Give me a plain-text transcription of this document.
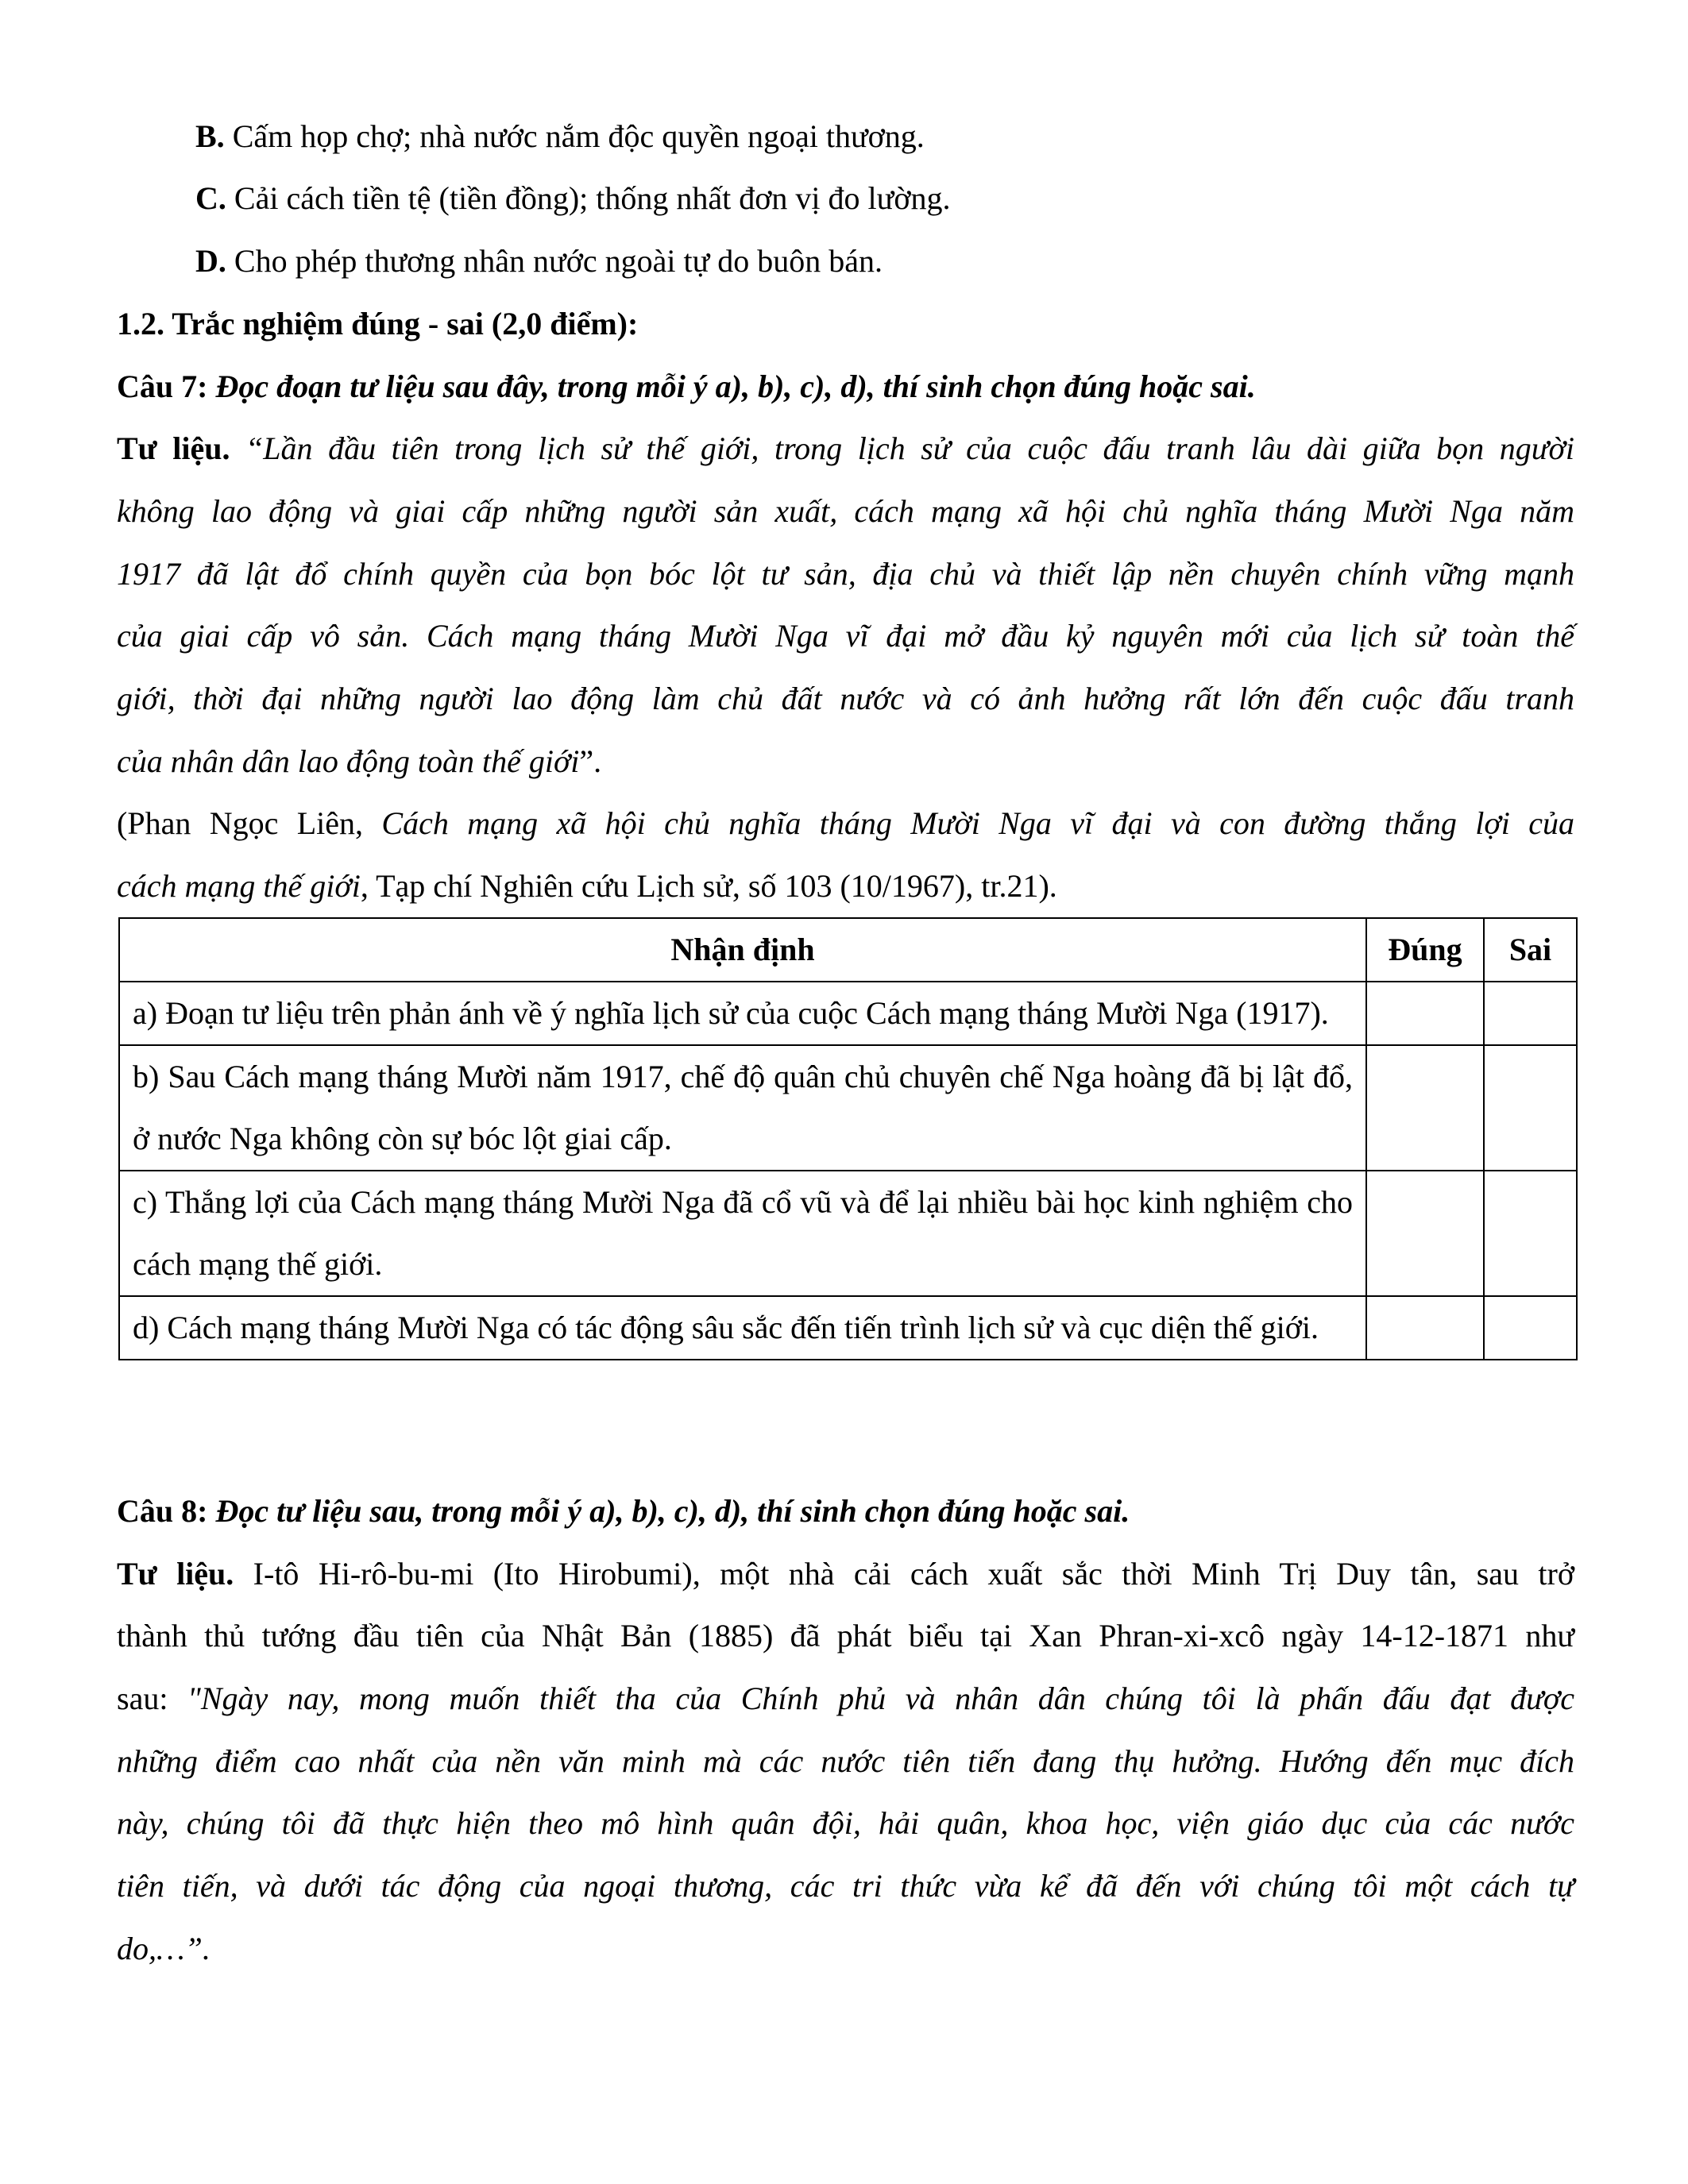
B. Cấm họp chợ; nhà nước nắm độc quyền ngoại thương.
C. Cải cách tiền tệ (tiền đồng); thống nhất đơn vị đo lường.
D. Cho phép thương nhân nước ngoài tự do buôn bán.
1.2. Trắc nghiệm đúng - sai (2,0 điểm):
Câu 7: Đọc đoạn tư liệu sau đây, trong mỗi ý a), b), c), d), thí sinh chọn đúng hoặc sai.
Tư liệu. “Lần đầu tiên trong lịch sử thế giới, trong lịch sử của cuộc đấu tranh lâu dài giữa bọn người
không lao động và giai cấp những người sản xuất, cách mạng xã hội chủ nghĩa tháng Mười Nga năm
1917 đã lật đổ chính quyền của bọn bóc lột tư sản, địa chủ và thiết lập nền chuyên chính vững mạnh
của giai cấp vô sản. Cách mạng tháng Mười Nga vĩ đại mở đầu kỷ nguyên mới của lịch sử toàn thế
giới, thời đại những người lao động làm chủ đất nước và có ảnh hưởng rất lớn đến cuộc đấu tranh
của nhân dân lao động toàn thế giới”.
(Phan Ngọc Liên, Cách mạng xã hội chủ nghĩa tháng Mười Nga vĩ đại và con đường thắng lợi của
cách mạng thế giới, Tạp chí Nghiên cứu Lịch sử, số 103 (10/1967), tr.21).
Nhận định	Đúng	Sai
a) Đoạn tư liệu trên phản ánh về ý nghĩa lịch sử của cuộc Cách mạng tháng Mười Nga (1917).		
b) Sau Cách mạng tháng Mười năm 1917, chế độ quân chủ chuyên chế Nga hoàng đã bị lật đổ, ở nước Nga không còn sự bóc lột giai cấp.		
c) Thắng lợi của Cách mạng tháng Mười Nga đã cổ vũ và để lại nhiều bài học kinh nghiệm cho cách mạng thế giới.		
d) Cách mạng tháng Mười Nga có tác động sâu sắc đến tiến trình lịch sử và cục diện thế giới.		
Câu 8: Đọc tư liệu sau, trong mỗi ý a), b), c), d), thí sinh chọn đúng hoặc sai.
Tư liệu. I-tô Hi-rô-bu-mi (Ito Hirobumi), một nhà cải cách xuất sắc thời Minh Trị Duy tân, sau trở
thành thủ tướng đầu tiên của Nhật Bản (1885) đã phát biểu tại Xan Phran-xi-xcô ngày 14-12-1871 như
sau: "Ngày nay, mong muốn thiết tha của Chính phủ và nhân dân chúng tôi là phấn đấu đạt được
những điểm cao nhất của nền văn minh mà các nước tiên tiến đang thụ hưởng. Hướng đến mục đích
này, chúng tôi đã thực hiện theo mô hình quân đội, hải quân, khoa học, viện giáo dục của các nước
tiên tiến, và dưới tác động của ngoại thương, các tri thức vừa kể đã đến với chúng tôi một cách tự
do,…”.
